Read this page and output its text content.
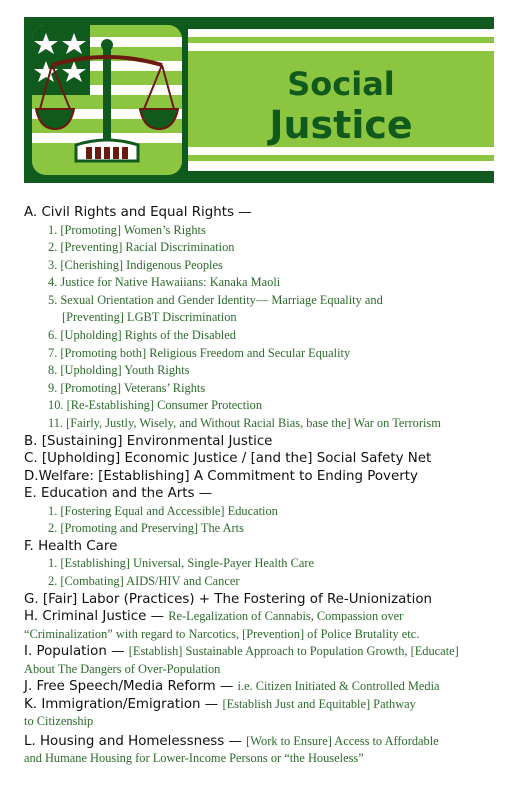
Social
Justice
A. Civil Rights and Equal Rights —
1. [Promoting] Women’s Rights
2. [Preventing] Racial Discrimination
3. [Cherishing] Indigenous Peoples
4. Justice for Native Hawaiians: Kanaka Maoli
5. Sexual Orientation and Gender Identity— Marriage Equality and
[Preventing] LGBT Discrimination
6. [Upholding] Rights of the Disabled
7. [Promoting both] Religious Freedom and Secular Equality
8. [Upholding] Youth Rights
9. [Promoting] Veterans’ Rights
10. [Re-Establishing] Consumer Protection
11. [Fairly, Justly, Wisely, and Without Racial Bias, base the] War on Terrorism
B. [Sustaining] Environmental Justice
C. [Upholding] Economic Justice / [and the] Social Safety Net
D.Welfare: [Establishing] A Commitment to Ending Poverty
E. Education and the Arts —
1. [Fostering Equal and Accessible] Education
2. [Promoting and Preserving] The Arts
F. Health Care
1. [Establishing] Universal, Single-Payer Health Care
2. [Combating] AIDS/HIV and Cancer
G. [Fair] Labor (Practices) + The Fostering of Re-Unionization
H. Criminal Justice — Re-Legalization of Cannabis, Compassion over
“Criminalization” with regard to Narcotics, [Prevention] of Police Brutality etc.
I. Population — [Establish] Sustainable Approach to Population Growth, [Educate]
About The Dangers of Over-Population
J. Free Speech/Media Reform — i.e. Citizen Initiated & Controlled Media
K. Immigration/Emigration — [Establish Just and Equitable] Pathway
to Citizenship
L. Housing and Homelessness — [Work to Ensure] Access to Affordable
and Humane Housing for Lower-Income Persons or “the Houseless”
